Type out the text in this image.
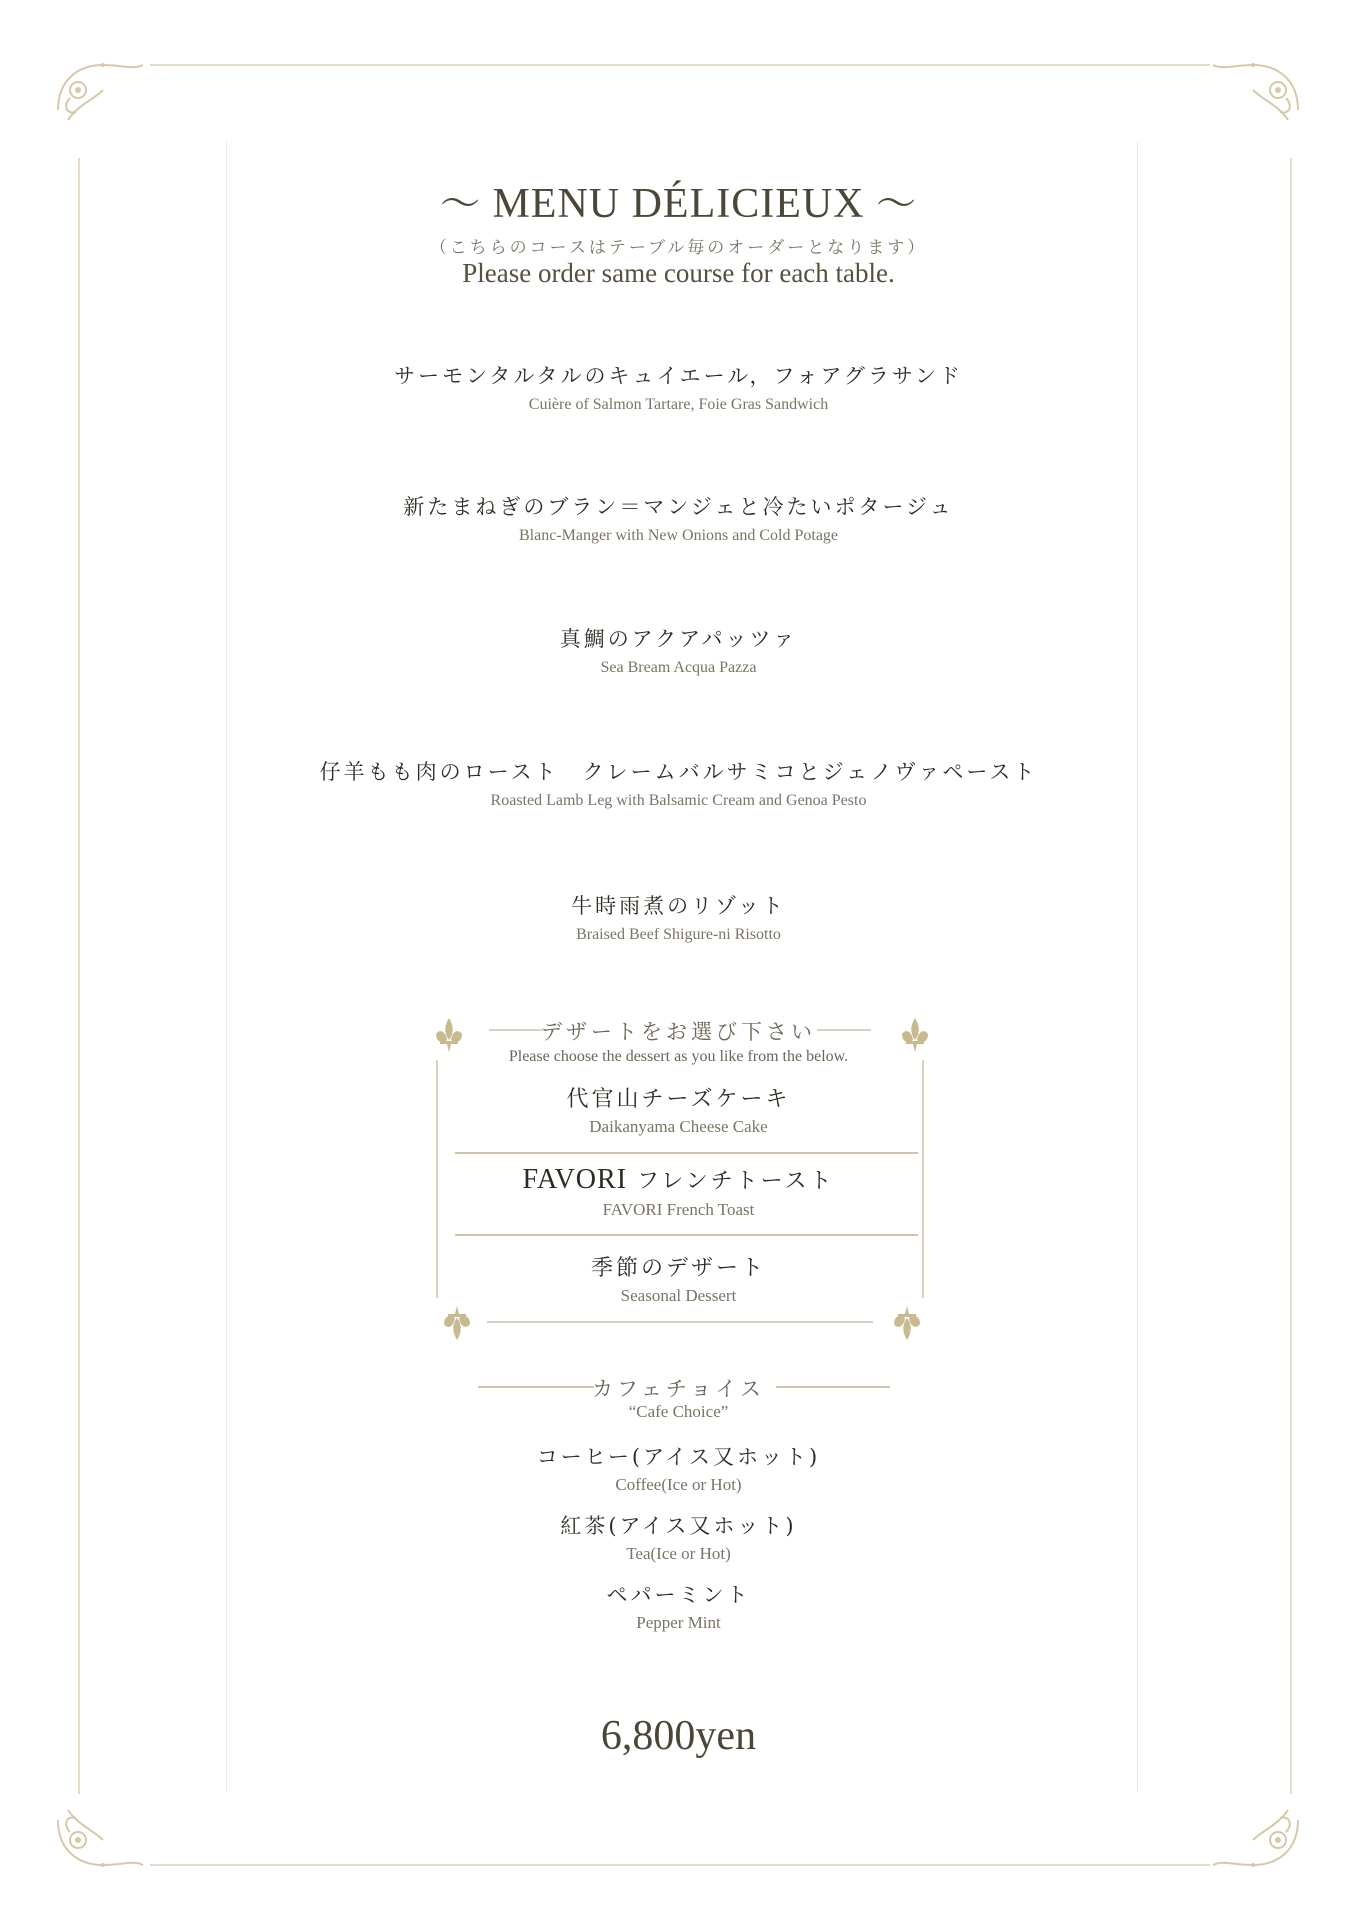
〜 MENU DÉLICIEUX 〜
（こちらのコースはテーブル毎のオーダーとなります）
Please order same course for each table.
サーモンタルタルのキュイエール，フォアグラサンド
Cuière of Salmon Tartare, Foie Gras Sandwich
新たまねぎのブラン＝マンジェと冷たいポタージュ
Blanc-Manger with New Onions and Cold Potage
真鯛のアクアパッツァ
Sea Bream Acqua Pazza
仔羊もも肉のロースト　クレームバルサミコとジェノヴァペースト
Roasted Lamb Leg with Balsamic Cream and Genoa Pesto
牛時雨煮のリゾット
Braised Beef Shigure-ni Risotto
デザートをお選び下さい
Please choose the dessert as you like from the below.
代官山チーズケーキ
Daikanyama Cheese Cake
FAVORI フレンチトースト
FAVORI French Toast
季節のデザート
Seasonal Dessert
カフェチョイス
“Cafe Choice”
コーヒー(アイス又ホット)
Coffee(Ice or Hot)
紅茶(アイス又ホット)
Tea(Ice or Hot)
ペパーミント
Pepper Mint
6,800yen
